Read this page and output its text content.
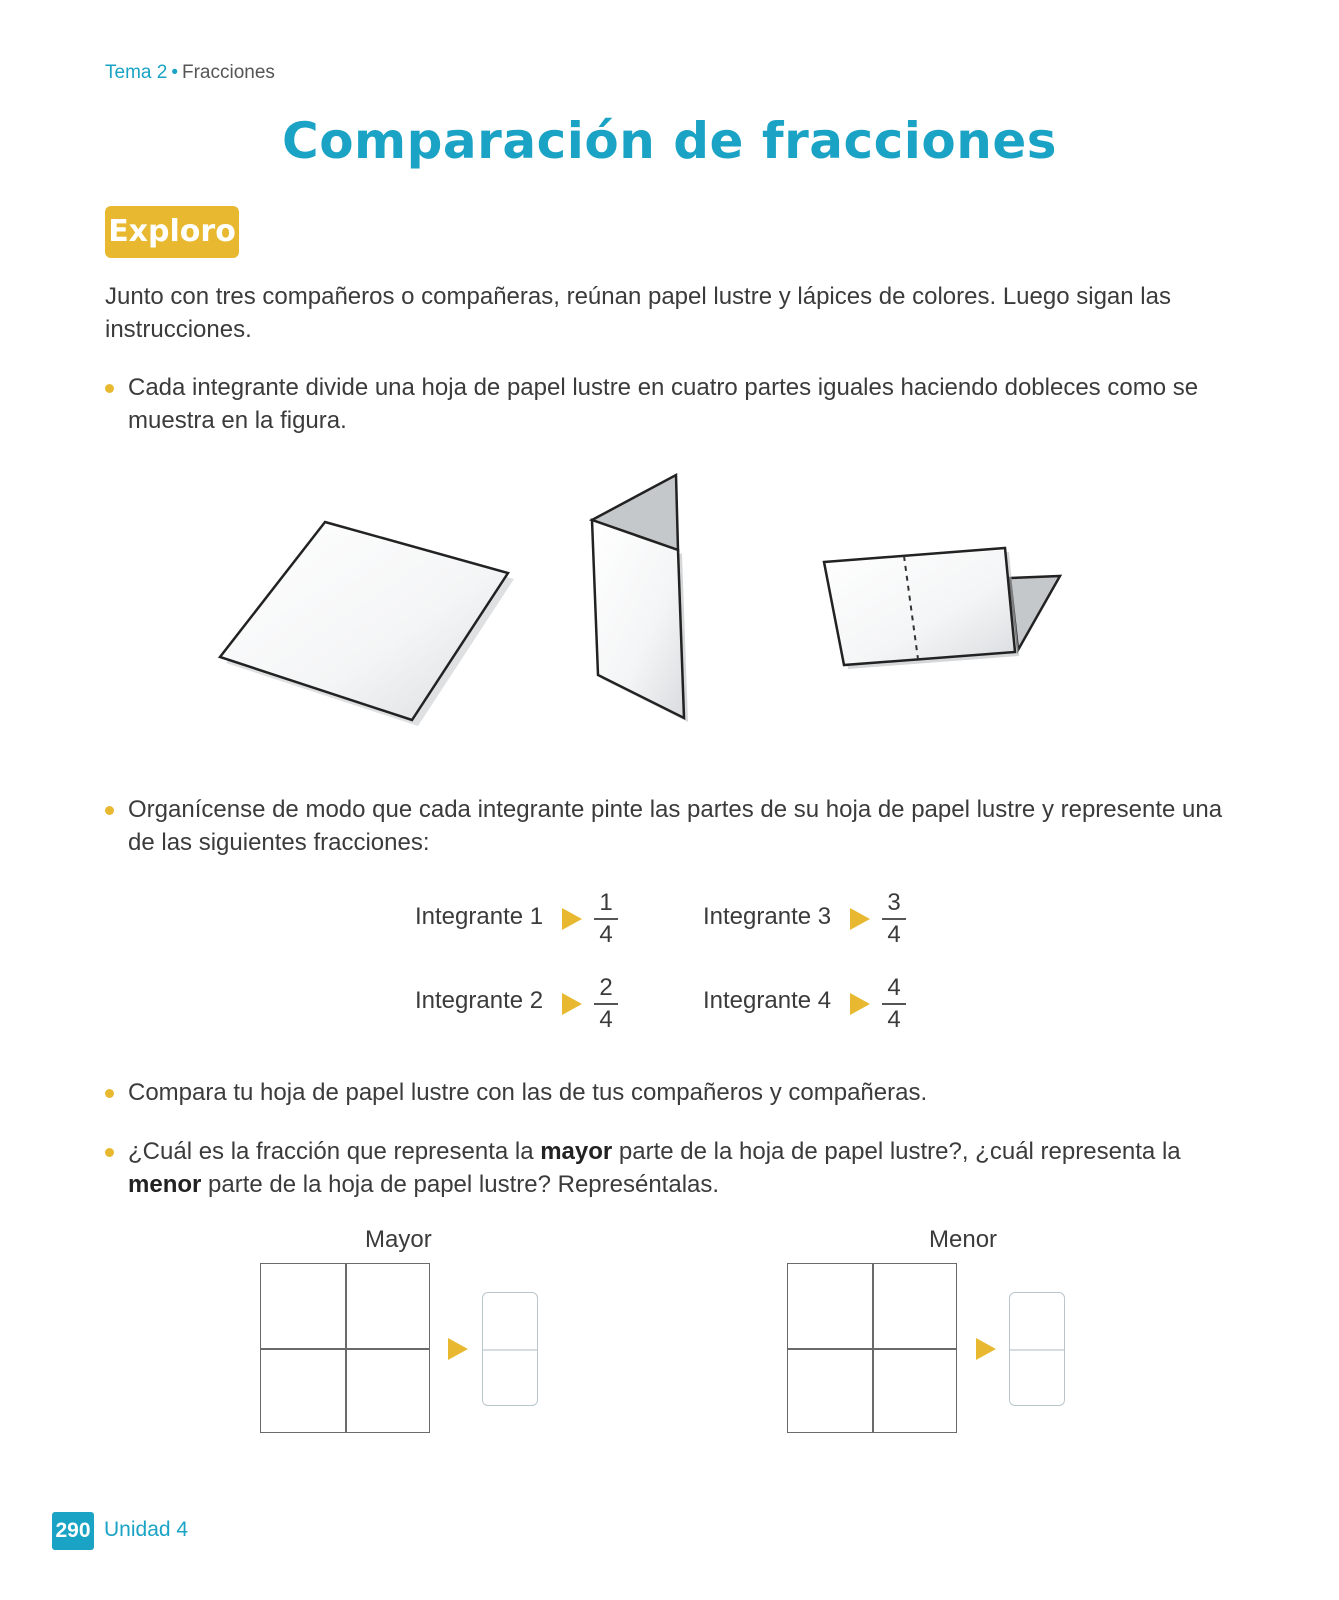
Tema 2 • Fracciones
Comparación de fracciones
Exploro
Junto con tres compañeros o compañeras, reúnan papel lustre y lápices de colores. Luego sigan las instrucciones.
Cada integrante divide una hoja de papel lustre en cuatro partes iguales haciendo dobleces como se muestra en la figura.
Organícense de modo que cada integrante pinte las partes de su hoja de papel lustre y represente una de las siguientes fracciones:
Integrante 1
1
4
Integrante 3
3
4
Integrante 2 2
4
Integrante 4 4
4
Compara tu hoja de papel lustre con las de tus compañeros y compañeras.
¿Cuál es la fracción que representa la mayor parte de la hoja de papel lustre?, ¿cuál representa la menor parte de la hoja de papel lustre? Represéntalas.
Mayor	Menor
290 Unidad 4
